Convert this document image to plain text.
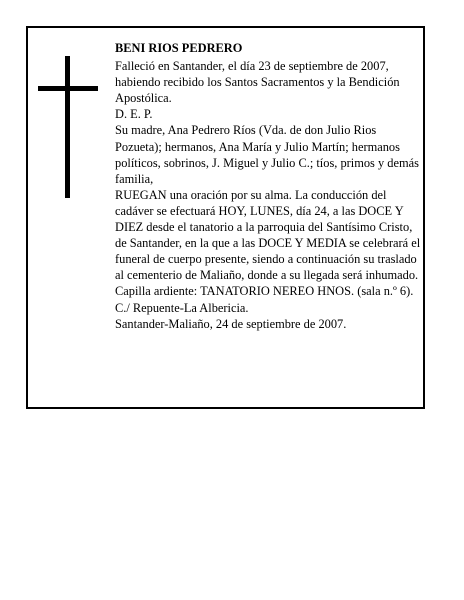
BENI RIOS PEDRERO

Falleció en Santander, el día 23 de septiembre de 2007, habiendo recibido los Santos Sacramentos y la Bendición Apostólica.

D. E. P.

Su madre, Ana Pedrero Ríos (Vda. de don Julio Rios Pozueta); hermanos, Ana María y Julio Martín; hermanos políticos, sobrinos, J. Miguel y Julio C.; tíos, primos y demás familia,

RUEGAN una oración por su alma. La conducción del cadáver se efectuará HOY, LUNES, día 24, a las DOCE Y DIEZ desde el tanatorio a la parroquia del Santísimo Cristo, de Santander, en la que a las DOCE Y MEDIA se celebrará el funeral de cuerpo presente, siendo a continuación su traslado al cementerio de Maliaño, donde a su llegada será inhumado. Capilla ardiente: TANATORIO NEREO HNOS. (sala n.º 6). C./ Repuente-La Albericia.

Santander-Maliaño, 24 de septiembre de 2007.
